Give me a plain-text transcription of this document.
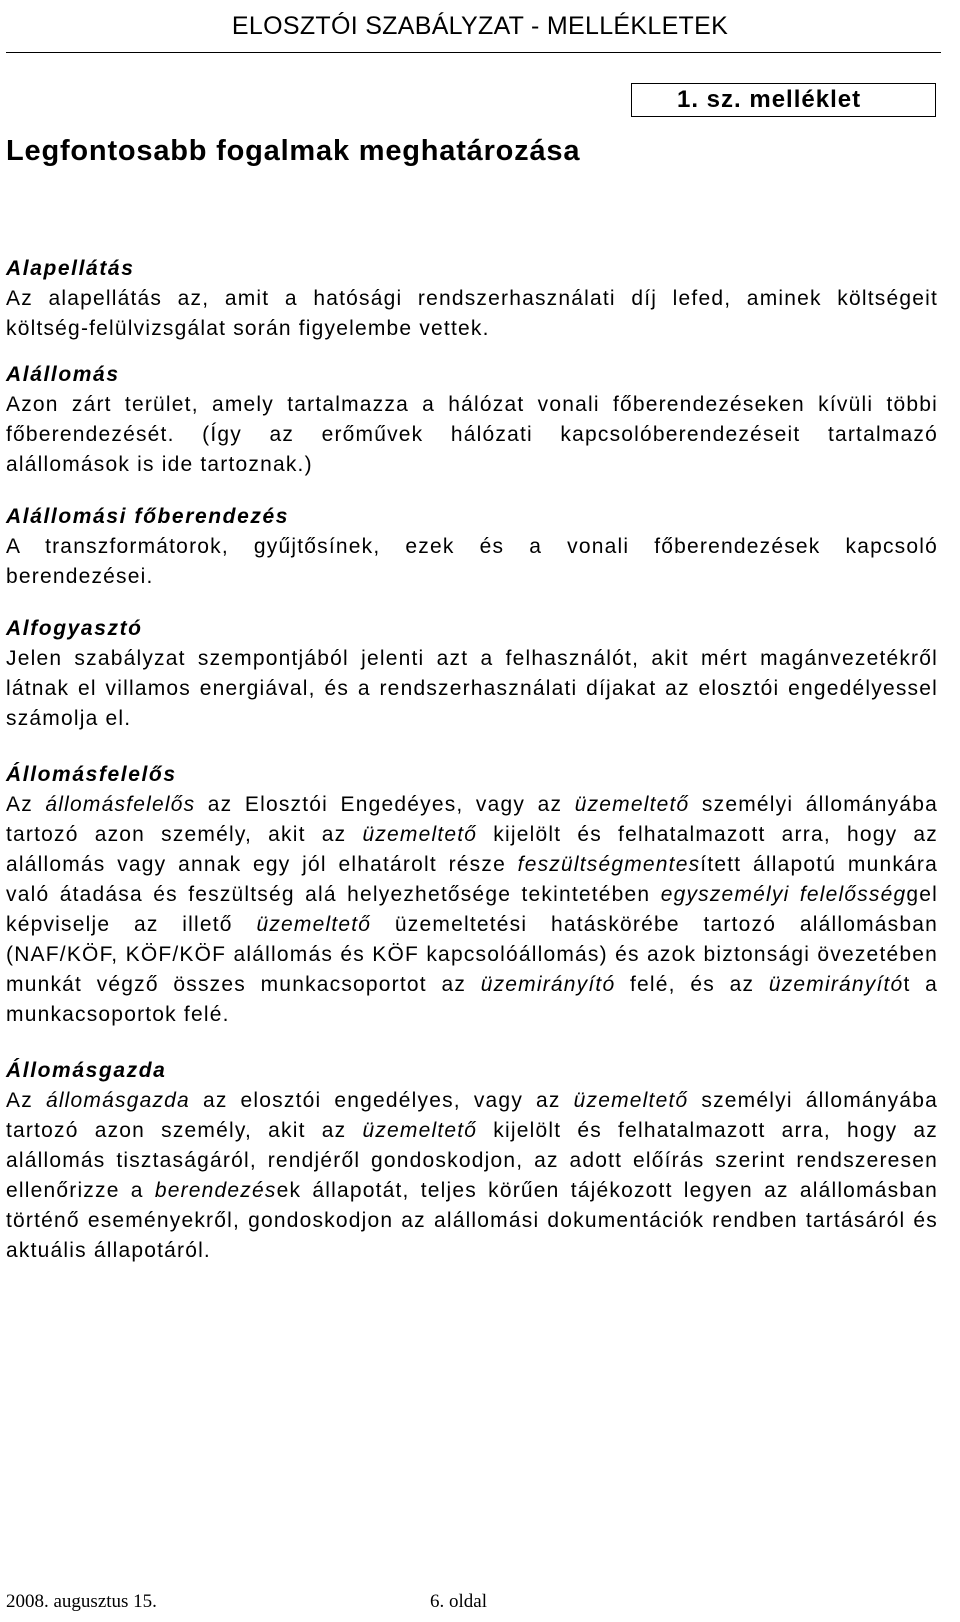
ELOSZTÓI SZABÁLYZAT - MELLÉKLETEK
1. sz. melléklet
Legfontosabb fogalmak meghatározása

Alapellátás

Az alapellátás az, amit a hatósági rendszerhasználati díj lefed, aminek költségeit költség-felülvizsgálat során figyelembe vettek.

Alállomás

Azon zárt terület, amely tartalmazza a hálózat vonali főberendezéseken kívüli többi főberendezését. (Így az erőművek hálózati kapcsolóberendezéseit tartalmazó alállomások is ide tartoznak.)

Alállomási főberendezés

A transzformátorok, gyűjtősínek, ezek és a vonali főberendezések kapcsoló berendezései.

Alfogyasztó

Jelen szabályzat szempontjából jelenti azt a felhasználót, akit mért magánvezetékről látnak el villamos energiával, és a rendszerhasználati díjakat az elosztói engedélyessel számolja el.

Állomásfelelős

Az állomásfelelős az Elosztói Engedéyes, vagy az üzemeltető személyi állományába tartozó azon személy, akit az üzemeltető kijelölt és felhatalmazott arra, hogy az alállomás vagy annak egy jól elhatárolt része feszültségmentesített állapotú munkára való átadása és feszültség alá helyezhetősége tekintetében egyszemélyi felelősséggel képviselje az illető üzemeltető üzemeltetési hatáskörébe tartozó alállomásban (NAF/KÖF, KÖF/KÖF alállomás és KÖF kapcsolóállomás) és azok biztonsági övezetében munkát végző összes munkacsoportot az üzemirányító felé, és az üzemirányítót a munkacsoportok felé.

Állomásgazda

Az állomásgazda az elosztói engedélyes, vagy az üzemeltető személyi állományába tartozó azon személy, akit az üzemeltető kijelölt és felhatalmazott arra, hogy az alállomás tisztaságáról, rendjéről gondoskodjon, az adott előírás szerint rendszeresen ellenőrizze a berendezések állapotát, teljes körűen tájékozott legyen az alállomásban történő eseményekről, gondoskodjon az alállomási dokumentációk rendben tartásáról és aktuális állapotáról.

2008. augusztus 15.	6. oldal
